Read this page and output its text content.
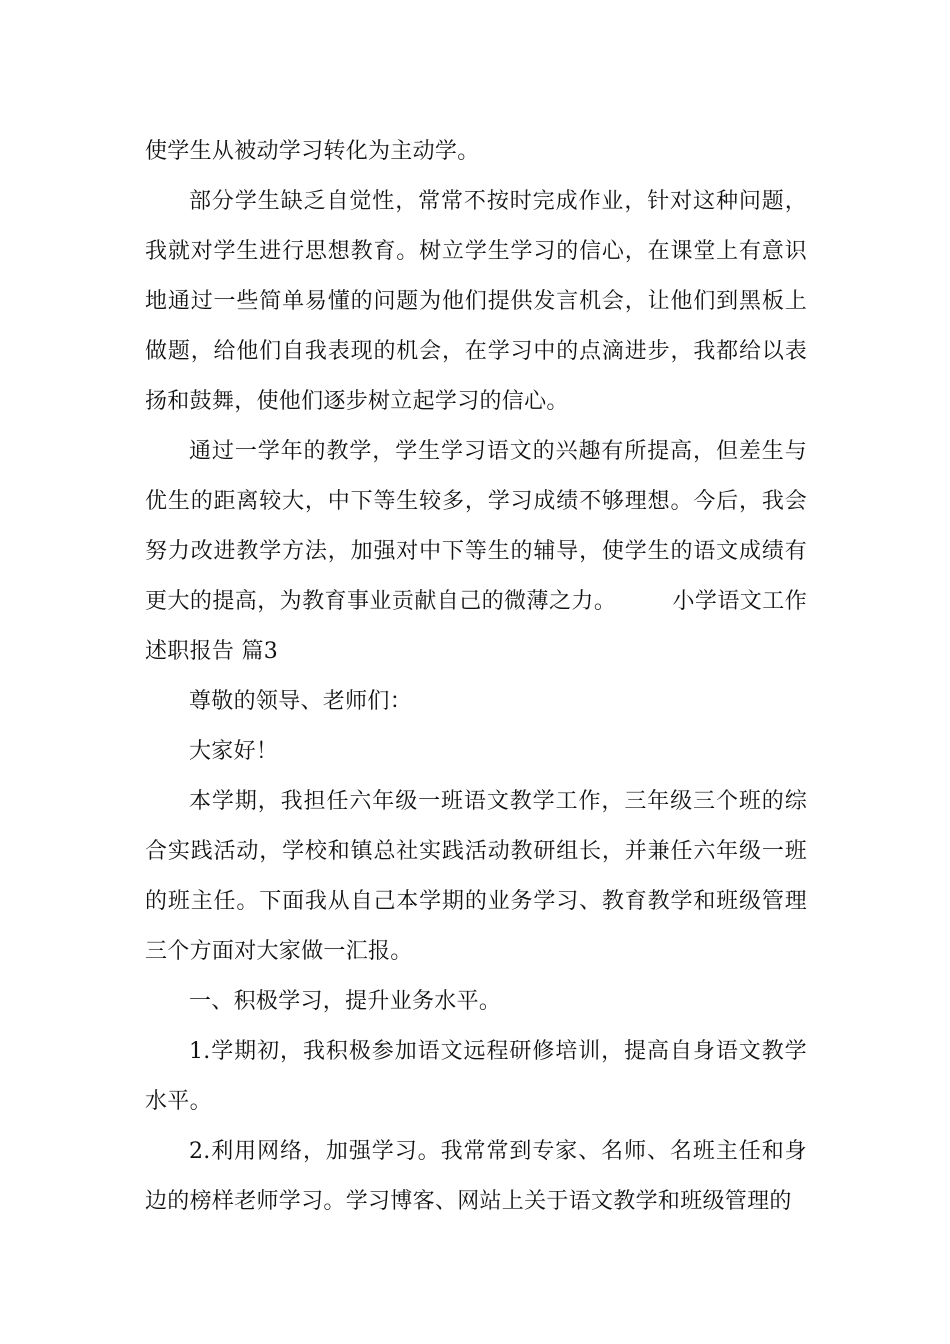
使学生从被动学习转化为主动学。

部分学生缺乏自觉性，常常不按时完成作业，针对这种问题，我就对学生进行思想教育。树立学生学习的信心，在课堂上有意识地通过一些简单易懂的问题为他们提供发言机会，让他们到黑板上做题，给他们自我表现的机会，在学习中的点滴进步，我都给以表扬和鼓舞，使他们逐步树立起学习的信心。

通过一学年的教学，学生学习语文的兴趣有所提高，但差生与优生的距离较大，中下等生较多，学习成绩不够理想。今后，我会努力改进教学方法，加强对中下等生的辅导，使学生的语文成绩有更大的提高，为教育事业贡献自己的微薄之力。	小学语文工作述职报告 篇3

尊敬的领导、老师们：

大家好！

本学期，我担任六年级一班语文教学工作，三年级三个班的综合实践活动，学校和镇总社实践活动教研组长，并兼任六年级一班的班主任。下面我从自己本学期的业务学习、教育教学和班级管理三个方面对大家做一汇报。

一、积极学习，提升业务水平。

1.学期初，我积极参加语文远程研修培训，提高自身语文教学水平。

2.利用网络，加强学习。我常常到专家、名师、名班主任和身边的榜样老师学习。学习博客、网站上关于语文教学和班级管理的
